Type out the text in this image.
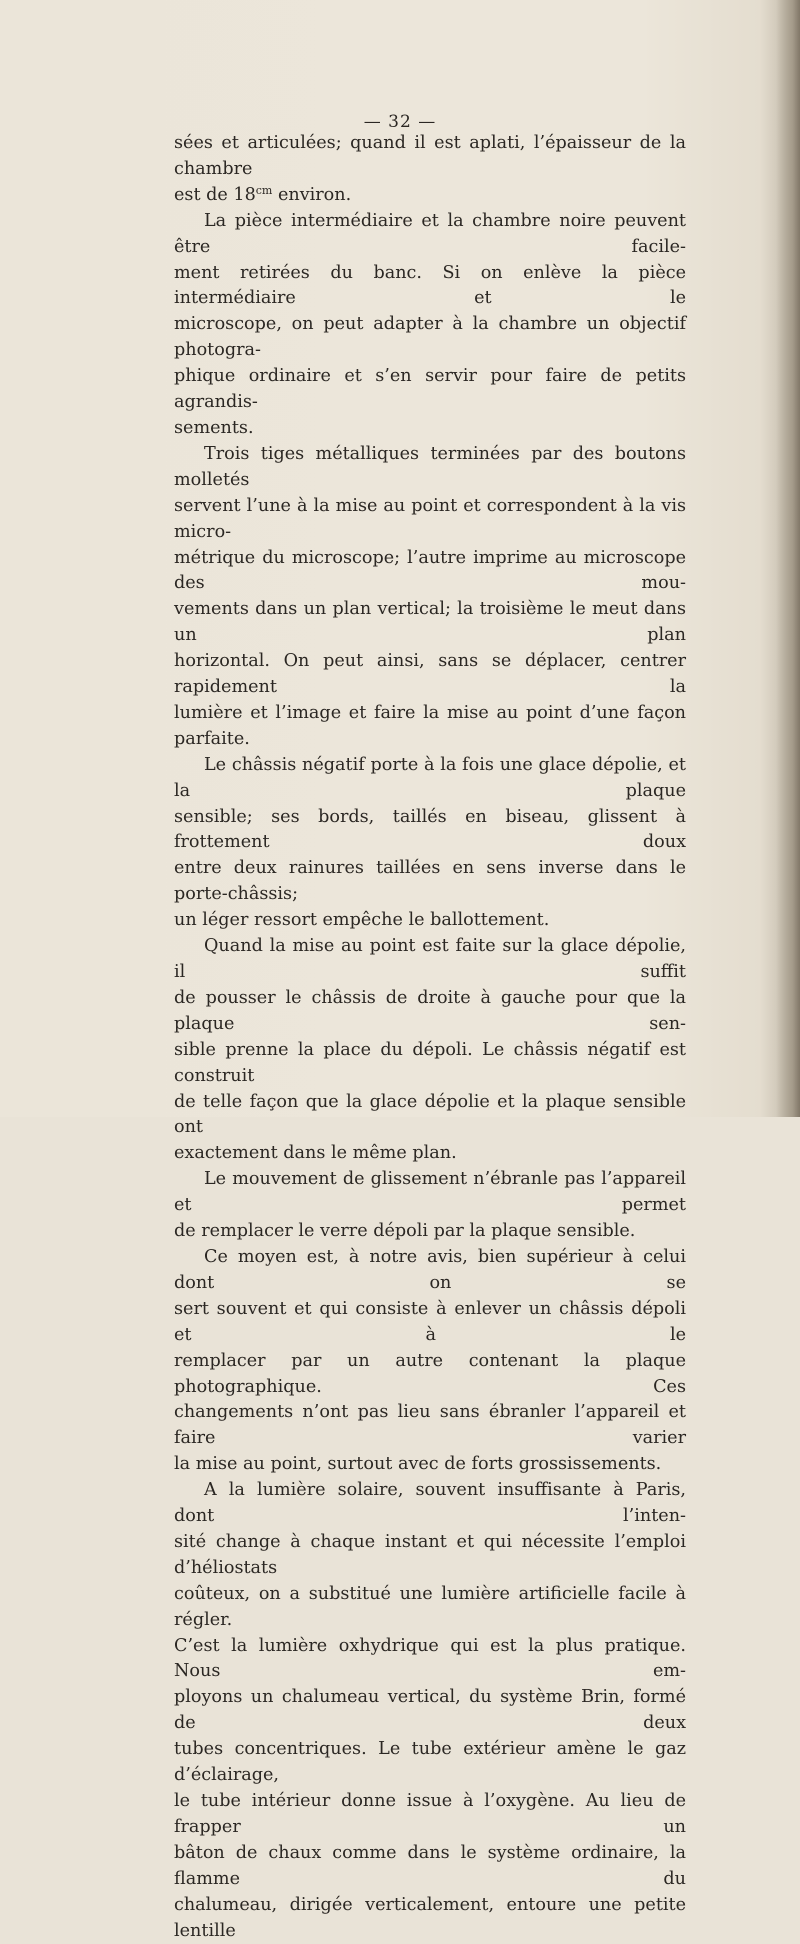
— 32 —

sées et articulées; quand il est aplati, l’épaisseur de la chambre
est de $18^{cm}$ environ.

La pièce intermédiaire et la chambre noire peuvent être facile-
ment retirées du banc. Si on enlève la pièce intermédiaire et le
microscope, on peut adapter à la chambre un objectif photogra-
phique ordinaire et s’en servir pour faire de petits agrandis-
sements.

Trois tiges métalliques terminées par des boutons molletés
servent l’une à la mise au point et correspondent à la vis micro-
métrique du microscope; l’autre imprime au microscope des mou-
vements dans un plan vertical; la troisième le meut dans un plan
horizontal. On peut ainsi, sans se déplacer, centrer rapidement la
lumière et l’image et faire la mise au point d’une façon parfaite.

Le châssis négatif porte à la fois une glace dépolie, et la plaque
sensible; ses bords, taillés en biseau, glissent à frottement doux
entre deux rainures taillées en sens inverse dans le porte-châssis;
un léger ressort empêche le ballottement.

Quand la mise au point est faite sur la glace dépolie, il suffit
de pousser le châssis de droite à gauche pour que la plaque sen-
sible prenne la place du dépoli. Le châssis négatif est construit
de telle façon que la glace dépolie et la plaque sensible ont
exactement dans le même plan.

Le mouvement de glissement n’ébranle pas l’appareil et permet
de remplacer le verre dépoli par la plaque sensible.

Ce moyen est, à notre avis, bien supérieur à celui dont on se
sert souvent et qui consiste à enlever un châssis dépoli et à le
remplacer par un autre contenant la plaque photographique. Ces
changements n’ont pas lieu sans ébranler l’appareil et faire varier
la mise au point, surtout avec de forts grossissements.

A la lumière solaire, souvent insuffisante à Paris, dont l’inten-
sité change à chaque instant et qui nécessite l’emploi d’héliostats
coûteux, on a substitué une lumière artificielle facile à régler.
C’est la lumière oxhydrique qui est la plus pratique. Nous em-
ployons un chalumeau vertical, du système Brin, formé de deux
tubes concentriques. Le tube extérieur amène le gaz d’éclairage,
le tube intérieur donne issue à l’oxygène. Au lieu de frapper un
bâton de chaux comme dans le système ordinaire, la flamme du
chalumeau, dirigée verticalement, entoure une petite lentille
